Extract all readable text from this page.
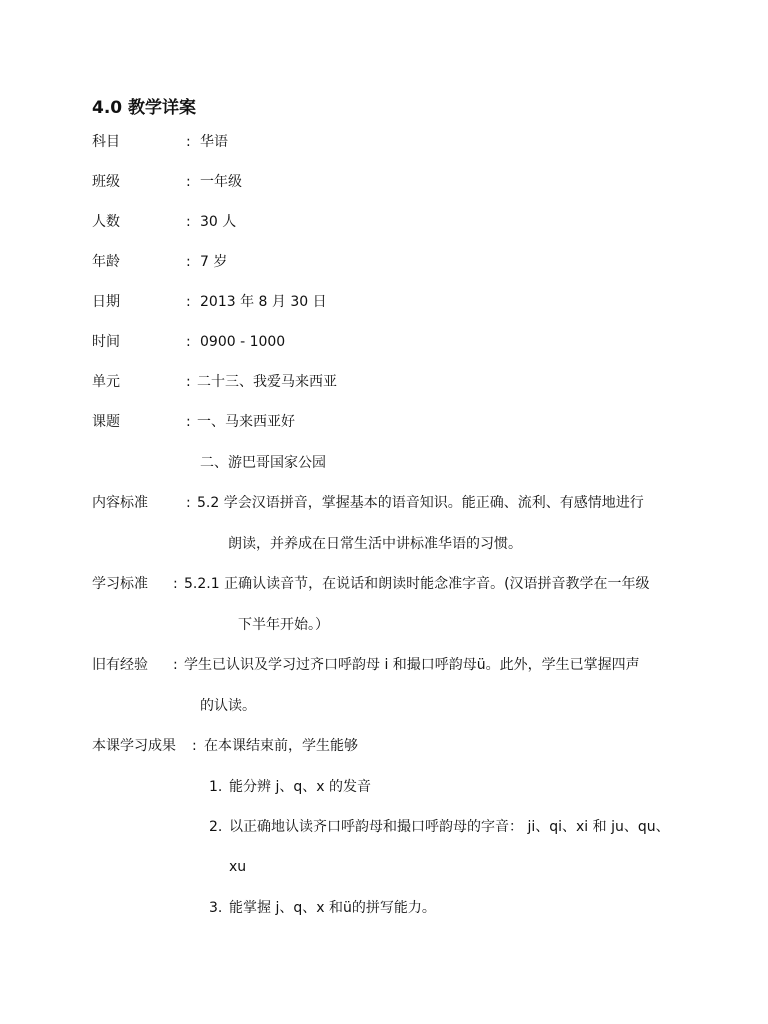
4.0 教学详案
科目	: 华语
班级	: 一年级
人数	: 30 人
年龄	: 7 岁
日期	: 2013 年 8 月 30 日
时间	: 0900 - 1000
单元	: 二十三、我爱马来西亚
课题	: 一、马来西亚好
二、游巴哥国家公园
内容标准	: 5.2 学会汉语拼音，掌握基本的语音知识。能正确、流利、有感情地进行
朗读，并养成在日常生活中讲标准华语的习惯。
学习标准 : 5.2.1 正确认读音节，在说话和朗读时能念准字音。(汉语拼音教学在一年级
下半年开始。）
旧有经验 : 学生已认识及学习过齐口呼韵母 i 和撮口呼韵母ü。此外，学生已掌握四声
的认读。
本课学习成果 : 在本课结束前，学生能够
1. 能分辨 j、q、x 的发音
2. 以正确地认读齐口呼韵母和撮口呼韵母的字音： ji、qi、xi 和 ju、qu、
xu
3. 能掌握 j、q、x 和ü的拼写能力。
